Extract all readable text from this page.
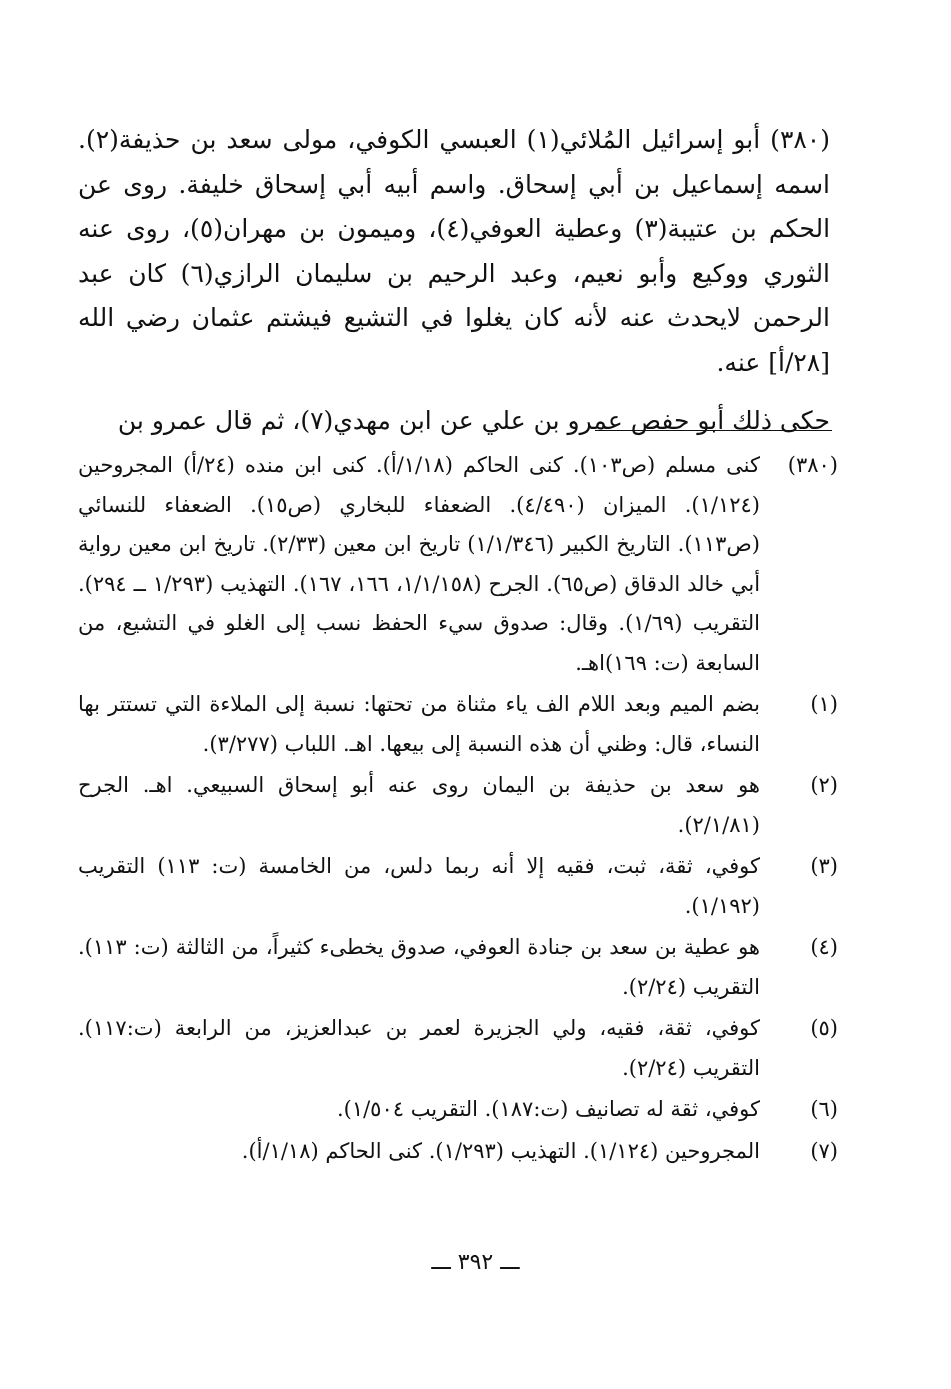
(٣٨٠) أبو إسرائيل المُلائي(١) العبسي الكوفي، مولى سعد بن حذيفة(٢). اسمه إسماعيل بن أبي إسحاق. واسم أبيه أبي إسحاق خليفة. روى عن الحكم بن عتيبة(٣) وعطية العوفي(٤)، وميمون بن مهران(٥)، روى عنه الثوري ووكيع وأبو نعيم، وعبد الرحيم بن سليمان الرازي(٦) كان عبد الرحمن لايحدث عنه لأنه كان يغلوا في التشيع فيشتم عثمان رضي الله [٢٨/أ] عنه.

حكى ذلك أبو حفص عمرو بن علي عن ابن مهدي(٧)، ثم قال عمرو بن

(٣٨٠)
كنى مسلم (ص١٠٣). كنى الحاكم (١/١٨/أ). كنى ابن منده (٢٤/أ) المجروحين (١/١٢٤). الميزان (٤/٤٩٠). الضعفاء للبخاري (ص١٥). الضعفاء للنسائي (ص١١٣). التاريخ الكبير (١/١/٣٤٦) تاريخ ابن معين (٢/٣٣). تاريخ ابن معين رواية أبي خالد الدقاق (ص٦٥). الجرح (١/١/١٥٨، ١٦٦، ١٦٧). التهذيب (١/٢٩٣ ــ ٢٩٤). التقريب (١/٦٩). وقال: صدوق سيء الحفظ نسب إلى الغلو في التشيع، من السابعة (ت: ١٦٩)اهـ.
(١)
بضم الميم وبعد اللام الف ياء مثناة من تحتها: نسبة إلى الملاءة التي تستتر بها النساء، قال: وظني أن هذه النسبة إلى بيعها. اهـ. اللباب (٣/٢٧٧).
(٢)
هو سعد بن حذيفة بن اليمان روى عنه أبو إسحاق السبيعي. اهـ. الجرح (٢/١/٨١).
(٣)
كوفي، ثقة، ثبت، فقيه إلا أنه ربما دلس، من الخامسة (ت: ١١٣) التقريب (١/١٩٢).
(٤)
هو عطية بن سعد بن جنادة العوفي، صدوق يخطىء كثيراً، من الثالثة (ت: ١١٣). التقريب (٢/٢٤).
(٥)
كوفي، ثقة، فقيه، ولي الجزيرة لعمر بن عبدالعزيز، من الرابعة (ت:١١٧). التقريب (٢/٢٤).
(٦)
كوفي، ثقة له تصانيف (ت:١٨٧). التقريب ١/٥٠٤).
(٧)
المجروحين (١/١٢٤). التهذيب (١/٢٩٣). كنى الحاكم (١/١٨/أ).
ـــ ٣٩٢ ـــ
